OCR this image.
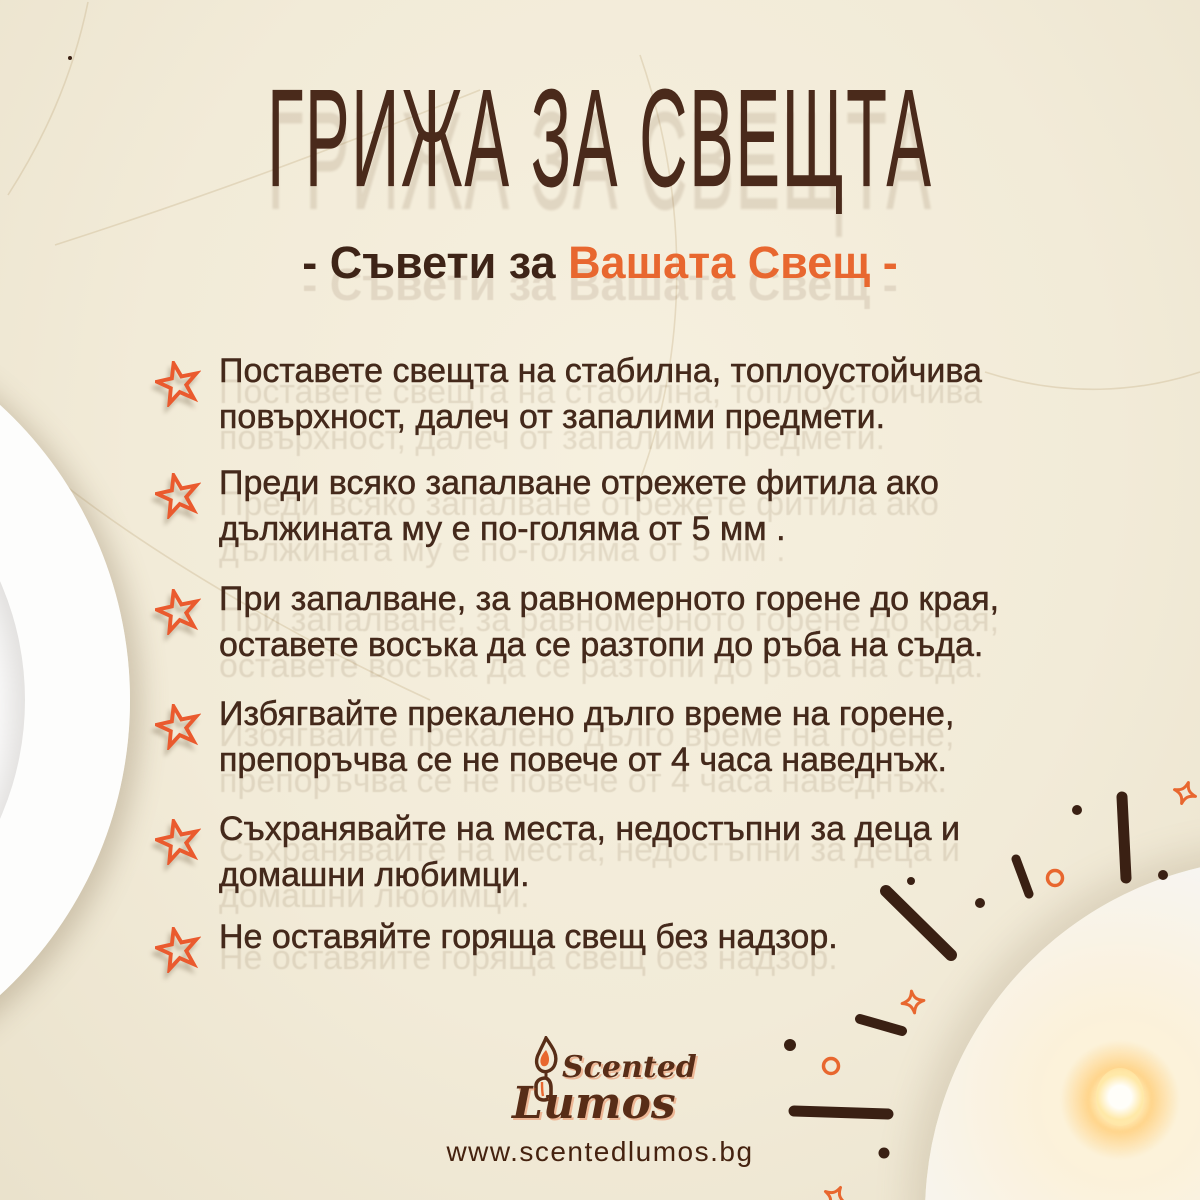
ГРИЖА ЗА СВЕЩТА
- Съвети за Вашата Свещ -
Поставете свещта на стабилна, топлоустойчива
повърхност, далеч от запалими предмети.
Преди всяко запалване отрежете фитила ако
дължината му е по-голяма от 5 мм .
При запалване, за равномерното горене до края,
оставете восъка да се разтопи до ръба на съда.
Избягвайте прекалено дълго време на горене,
препоръчва се не повече от 4 часа наведнъж.
Съхранявайте на места, недостъпни за деца и
домашни любимци.
Не оставяйте горяща свещ без надзор.
Scented
Lumos
www.scentedlumos.bg
